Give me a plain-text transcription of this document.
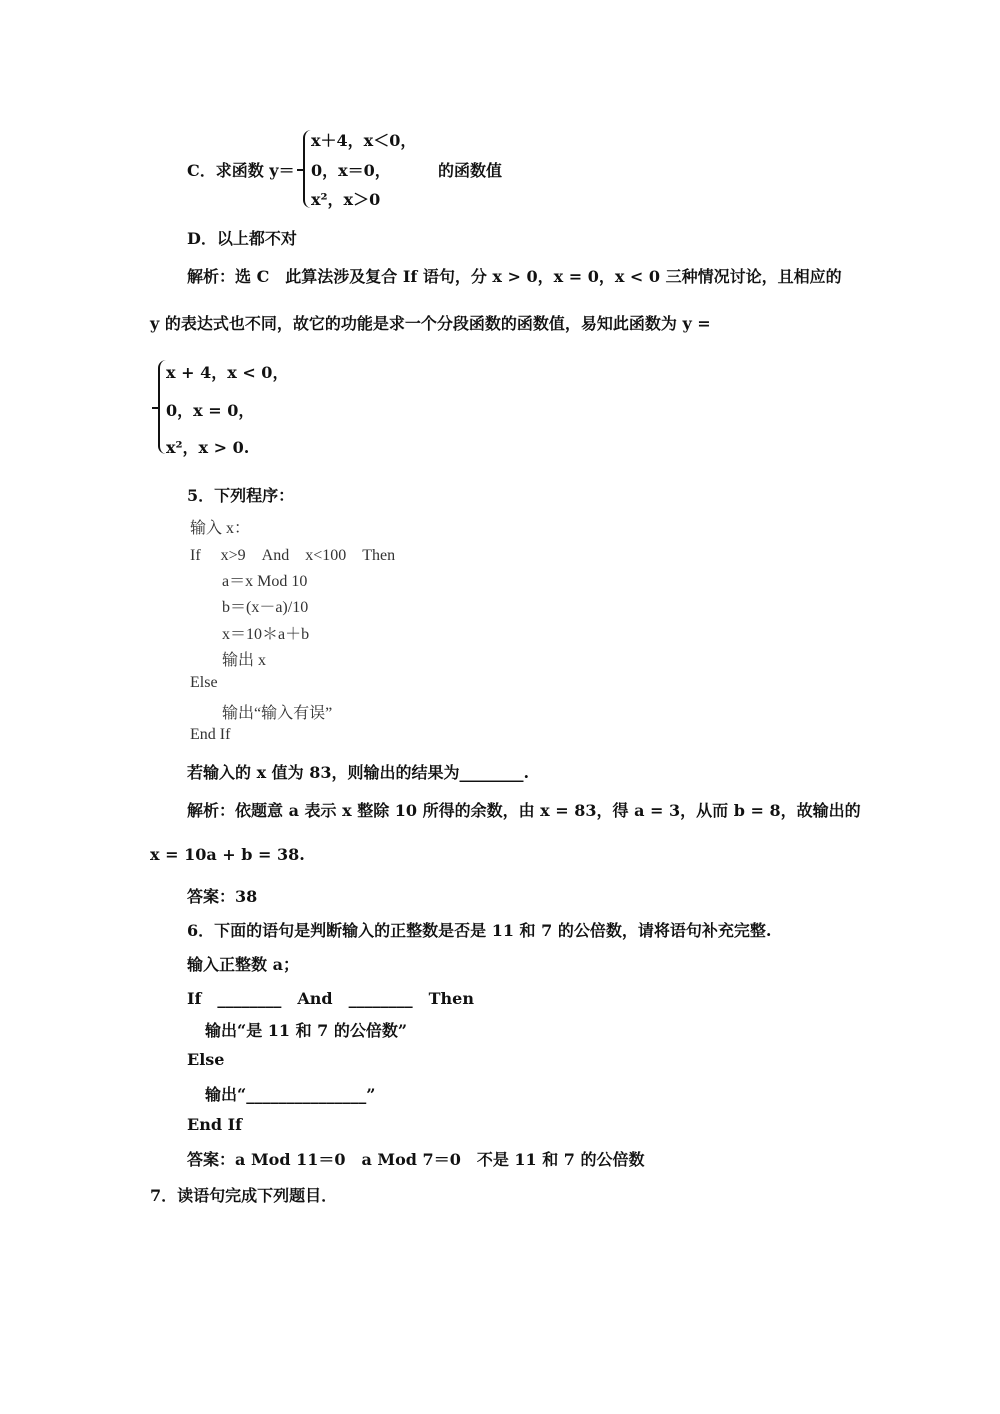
C．求函数 y＝
x＋4，x＜0，
0，x＝0，
x²，x＞0
的函数值
D．以上都不对
解析：选 C　此算法涉及复合 If 语句，分 x > 0，x = 0，x < 0 三种情况讨论，且相应的
y 的表达式也不同，故它的功能是求一个分段函数的函数值，易知此函数为 y =
x + 4，x < 0，
0，x = 0，
x²，x > 0.
5．下列程序：
输入 x：
If　 x>9　And　x<100　Then
a＝x Mod 10
b＝(x－a)/10
x＝10＊a＋b
输出 x
Else
输出“输入有误”
End If
若输入的 x 值为 83，则输出的结果为________.
解析：依题意 a 表示 x 整除 10 所得的余数，由 x = 83，得 a = 3，从而 b = 8，故输出的
x = 10a + b = 38.
答案：38
6．下面的语句是判断输入的正整数是否是 11 和 7 的公倍数，请将语句补充完整.
输入正整数 a；
If　________　And　________　Then
输出“是 11 和 7 的公倍数”
Else
输出“_______________”
End If
答案：a Mod 11＝0　a Mod 7＝0　不是 11 和 7 的公倍数
7．读语句完成下列题目．
